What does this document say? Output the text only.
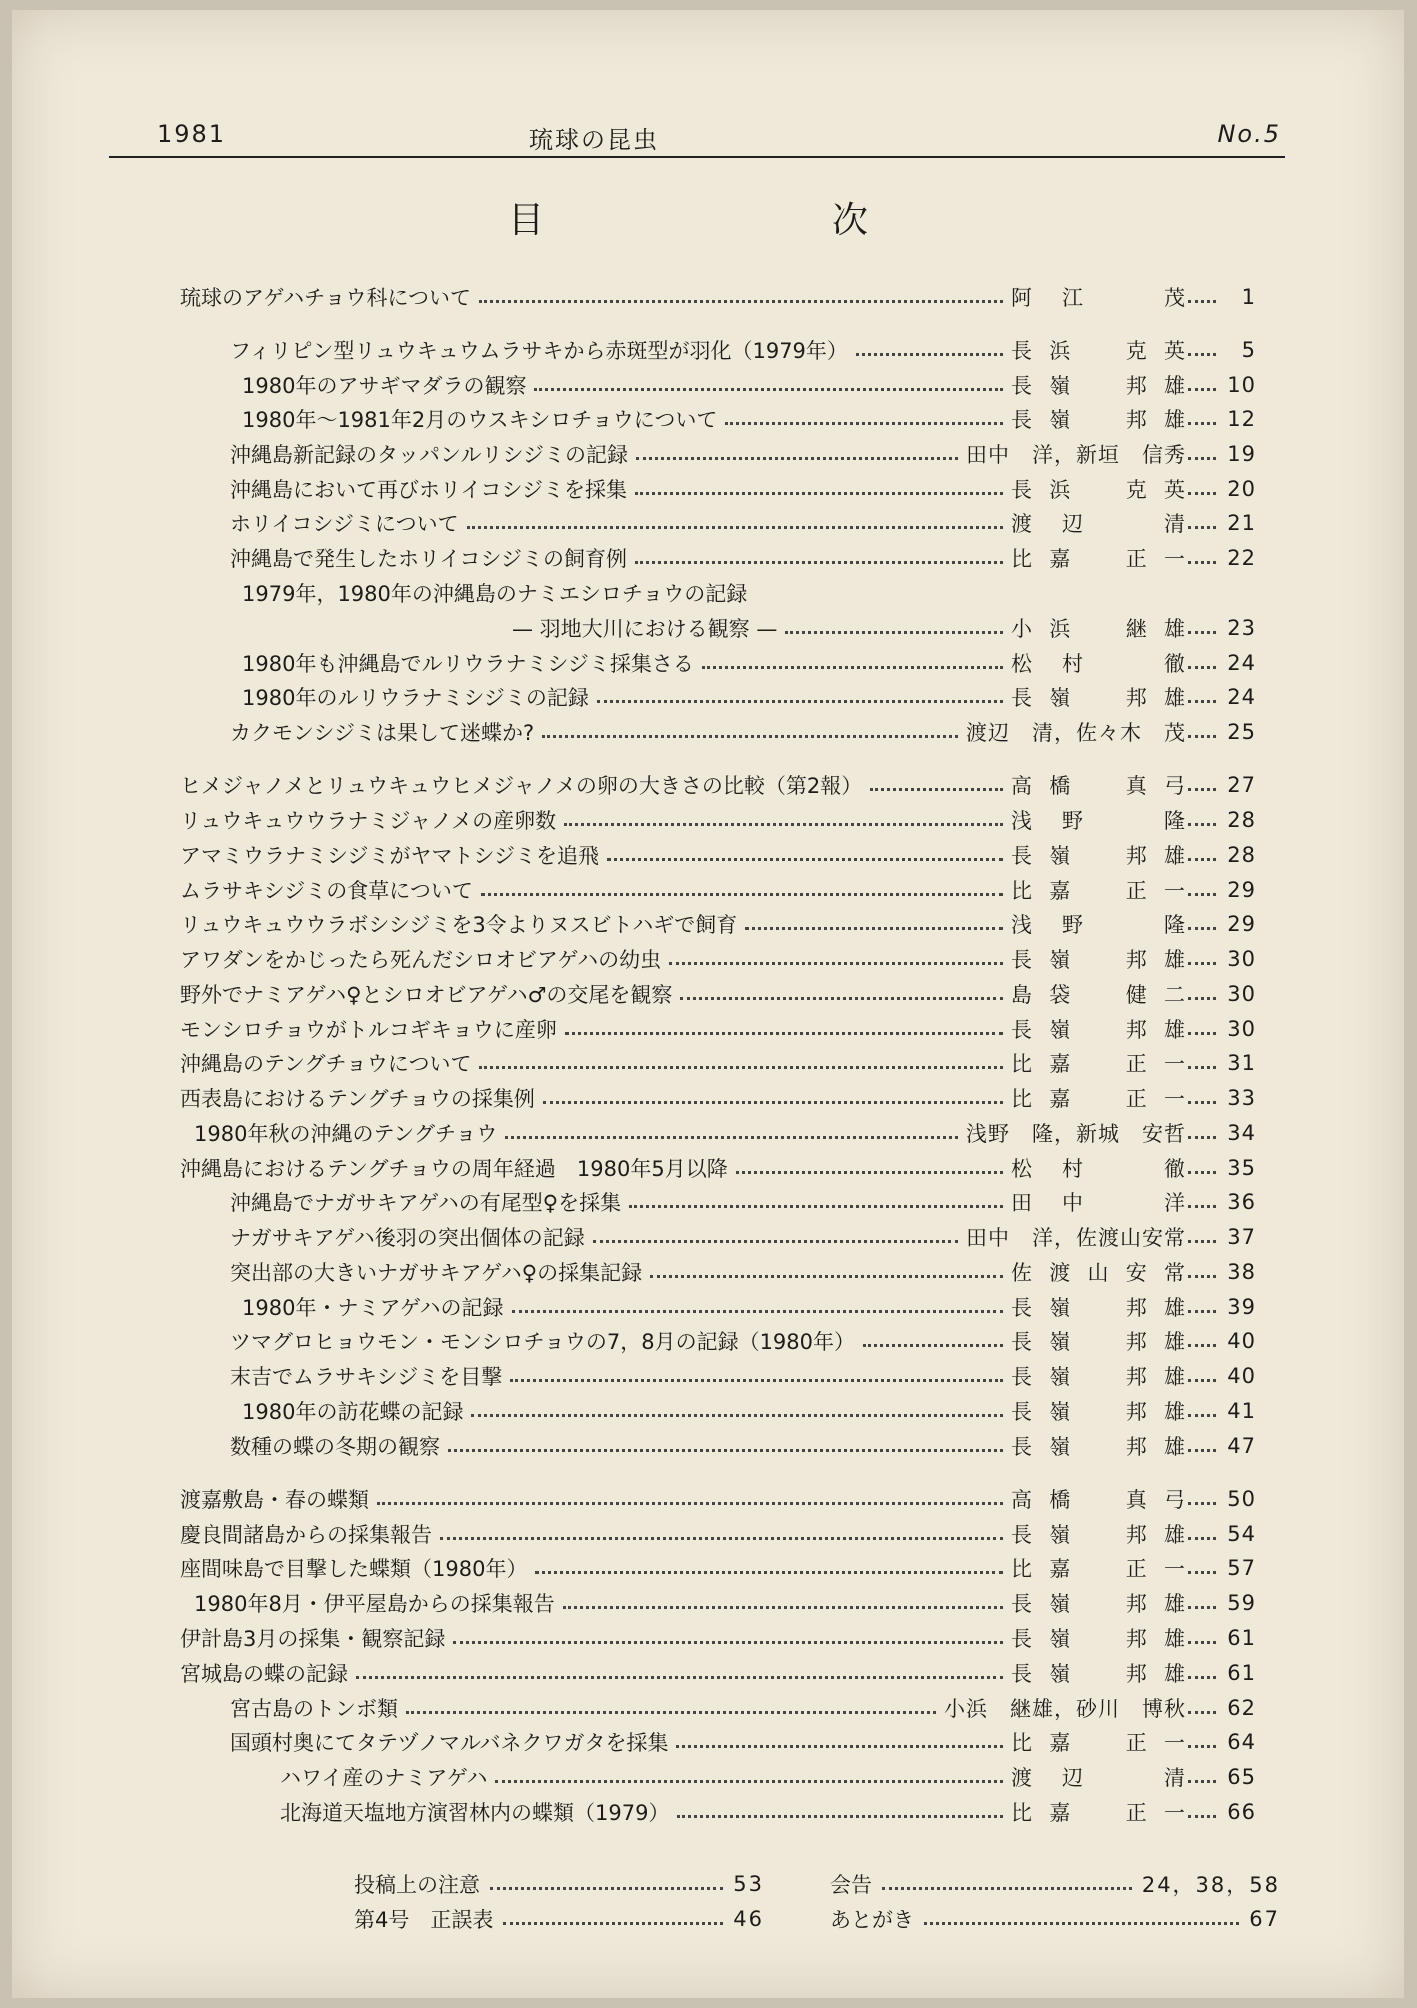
1981	琉球の昆虫	No.5
目	次
琉球のアゲハチョウ科について	阿江　茂	1
フィリピン型リュウキュウムラサキから赤斑型が羽化（1979年）	長浜　克英	5
1980年のアサギマダラの観察	長嶺　邦雄	10
1980年～1981年2月のウスキシロチョウについて	長嶺　邦雄	12
沖縄島新記録のタッパンルリシジミの記録	田中　洋，新垣　信秀	19
沖縄島において再びホリイコシジミを採集	長浜　克英	20
ホリイコシジミについて	渡辺　清	21
沖縄島で発生したホリイコシジミの飼育例	比嘉　正一	22
1979年，1980年の沖縄島のナミエシロチョウの記録
— 羽地大川における観察 —	小浜　継雄	23
1980年も沖縄島でルリウラナミシジミ採集さる	松村　徹	24
1980年のルリウラナミシジミの記録	長嶺　邦雄	24
カクモンシジミは果して迷蝶か?	渡辺　清，佐々木　茂	25
ヒメジャノメとリュウキュウヒメジャノメの卵の大きさの比較（第2報）	高橋　真弓	27
リュウキュウウラナミジャノメの産卵数	浅野　隆	28
アマミウラナミシジミがヤマトシジミを追飛	長嶺　邦雄	28
ムラサキシジミの食草について	比嘉　正一	29
リュウキュウウラボシシジミを3令よりヌスビトハギで飼育	浅野　隆	29
アワダンをかじったら死んだシロオビアゲハの幼虫	長嶺　邦雄	30
野外でナミアゲハ♀とシロオビアゲハ♂の交尾を観察	島袋　健二	30
モンシロチョウがトルコギキョウに産卵	長嶺　邦雄	30
沖縄島のテングチョウについて	比嘉　正一	31
西表島におけるテングチョウの採集例	比嘉　正一	33
1980年秋の沖縄のテングチョウ	浅野　隆，新城　安哲	34
沖縄島におけるテングチョウの周年経過　1980年5月以降	松村　徹	35
沖縄島でナガサキアゲハの有尾型♀を採集	田中　洋	36
ナガサキアゲハ後羽の突出個体の記録	田中　洋，佐渡山安常	37
突出部の大きいナガサキアゲハ♀の採集記録	佐渡山安常	38
1980年・ナミアゲハの記録	長嶺　邦雄	39
ツマグロヒョウモン・モンシロチョウの7，8月の記録（1980年）	長嶺　邦雄	40
末吉でムラサキシジミを目撃	長嶺　邦雄	40
1980年の訪花蝶の記録	長嶺　邦雄	41
数種の蝶の冬期の観察	長嶺　邦雄	47
渡嘉敷島・春の蝶類	高橋　真弓	50
慶良間諸島からの採集報告	長嶺　邦雄	54
座間味島で目撃した蝶類（1980年）	比嘉　正一	57
1980年8月・伊平屋島からの採集報告	長嶺　邦雄	59
伊計島3月の採集・観察記録	長嶺　邦雄	61
宮城島の蝶の記録	長嶺　邦雄	61
宮古島のトンボ類	小浜　継雄，砂川　博秋	62
国頭村奥にてタテヅノマルバネクワガタを採集	比嘉　正一	64
ハワイ産のナミアゲハ	渡辺　清	65
北海道天塩地方演習林内の蝶類（1979）	比嘉　正一	66
投稿上の注意	53
第4号　正誤表	46
会告	24，38，58
あとがき	67
